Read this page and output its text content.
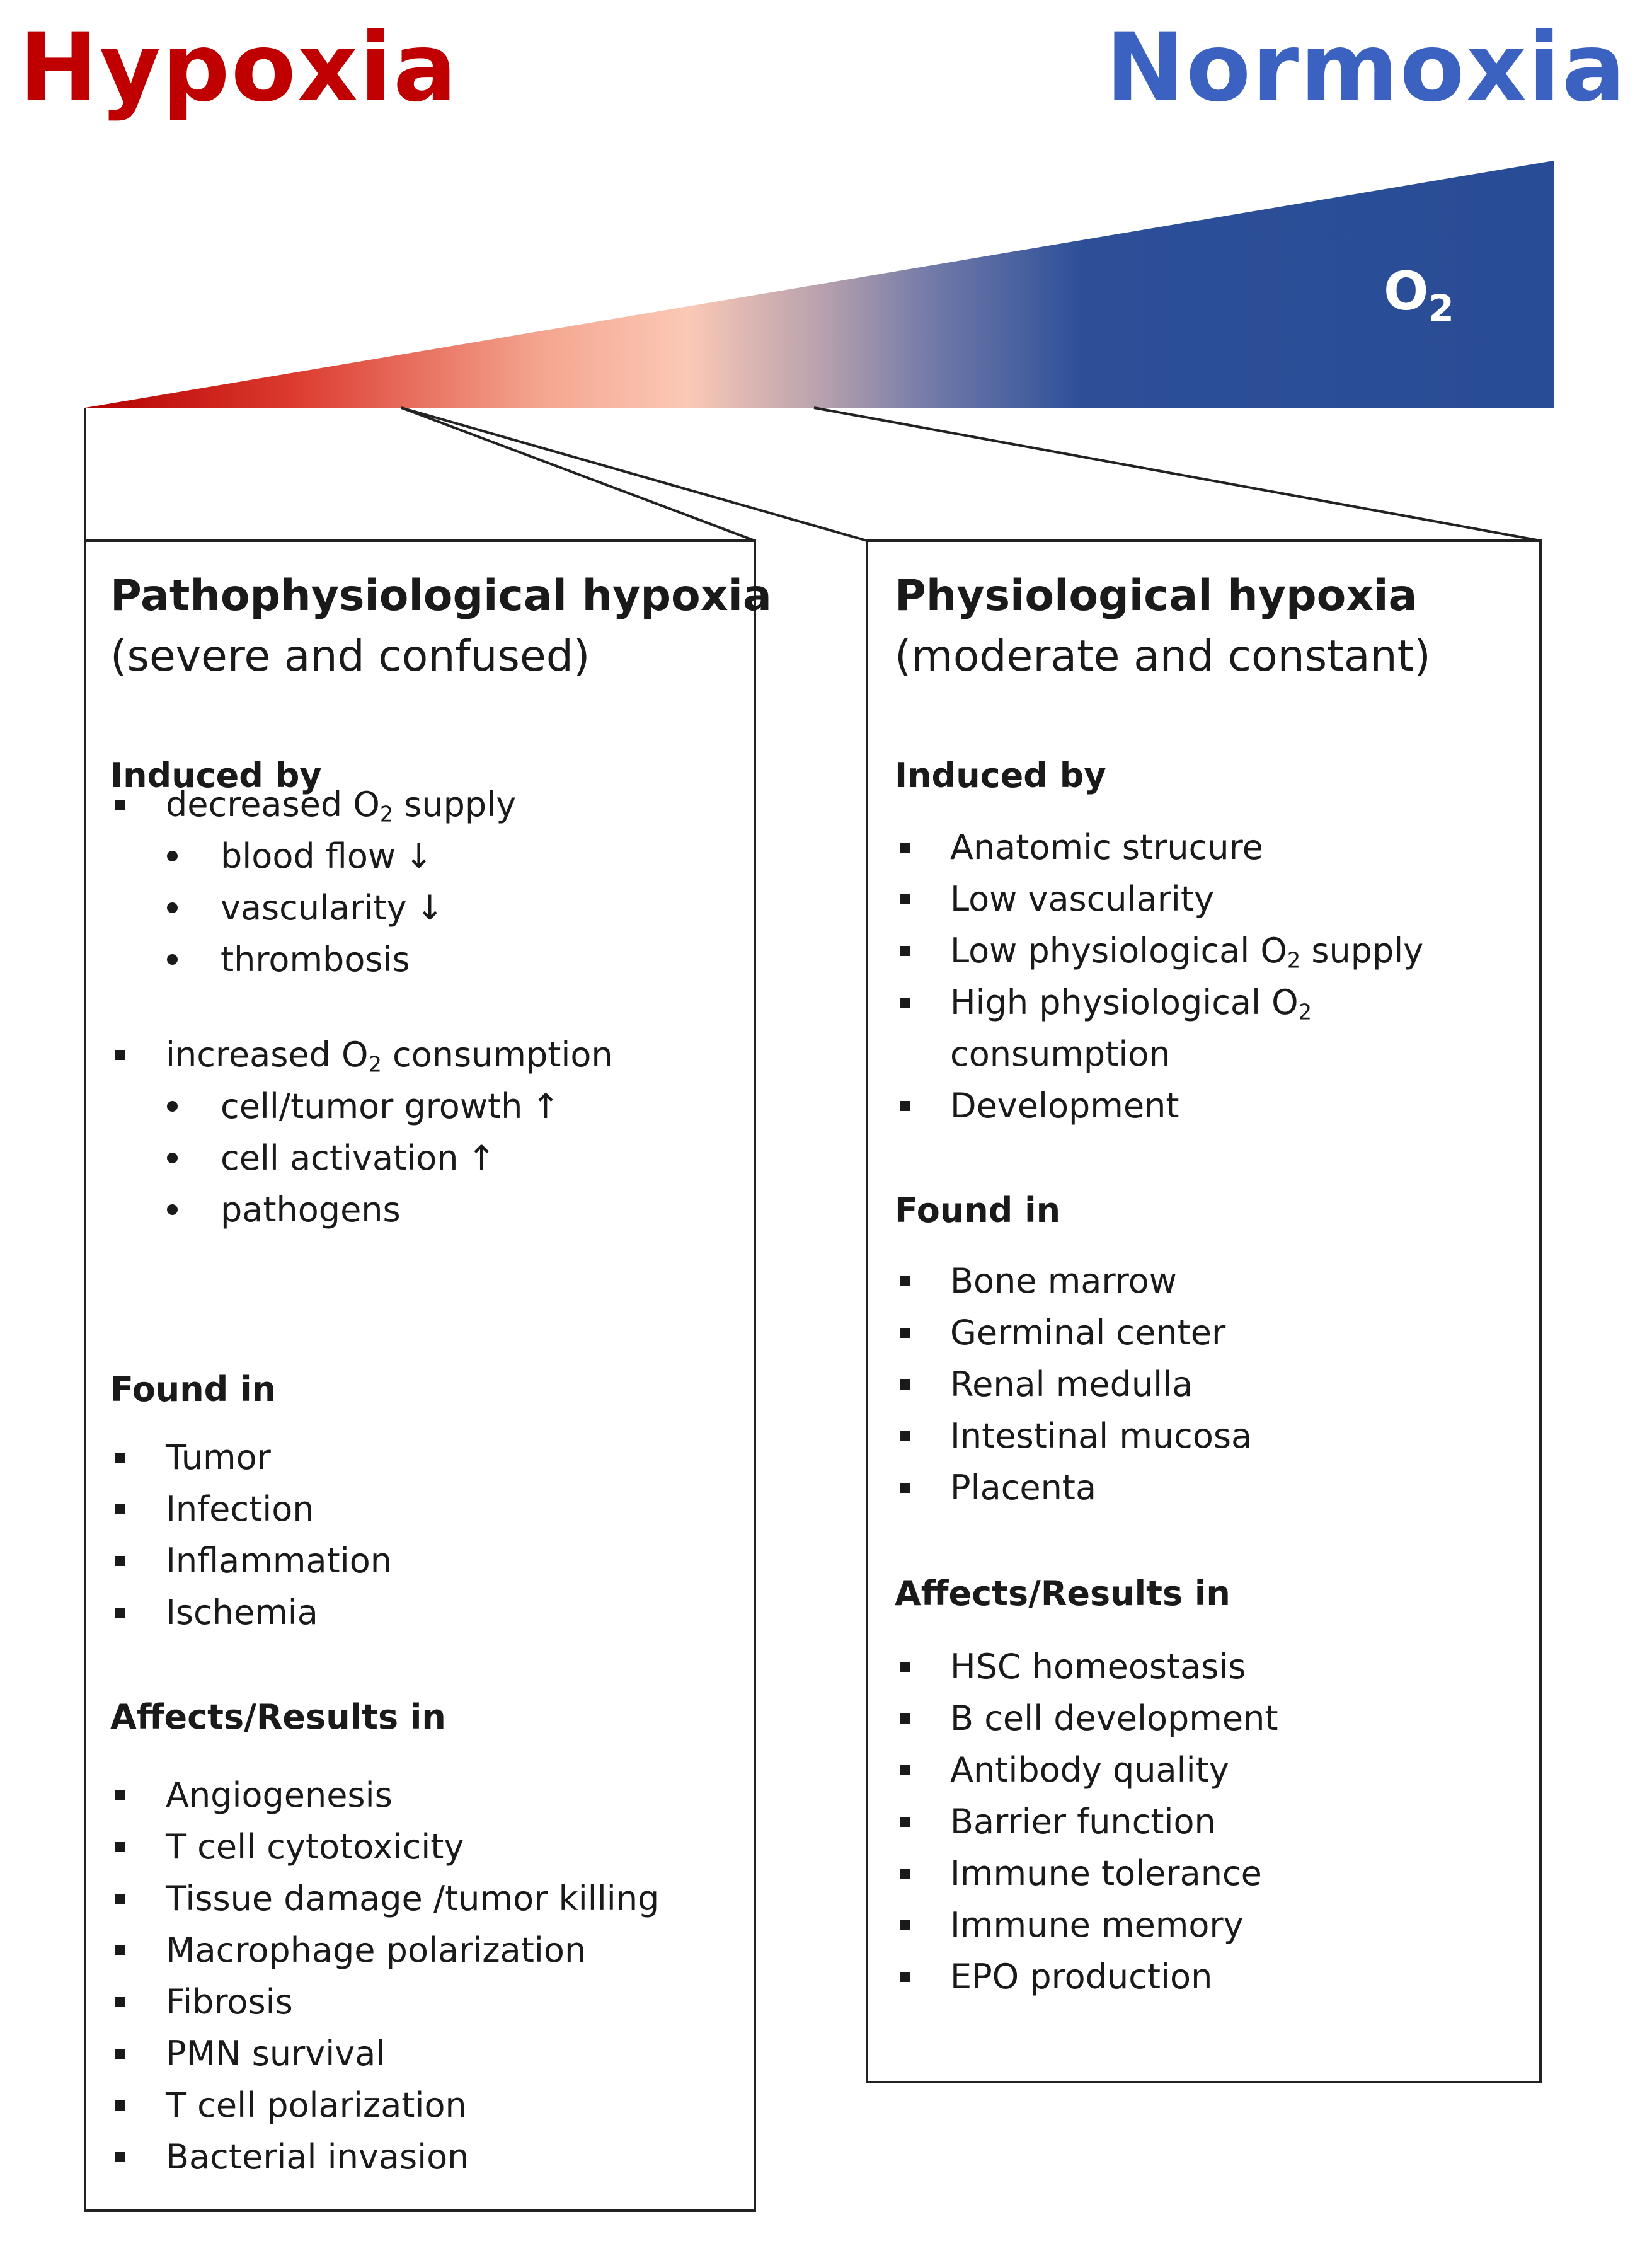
Hypoxia	Normoxia
$O_2$

Pathophysiological hypoxia

(severe and confused)

Induced by

decreased O2 supply
blood flow ↓
vascularity ↓
thrombosis
increased O2 consumption
cell/tumor growth ↑
cell activation ↑
pathogens

Found in

Tumor
Infection
Inflammation
Ischemia

Affects/Results in

Angiogenesis
T cell cytotoxicity
Tissue damage /tumor killing
Macrophage polarization
Fibrosis
PMN survival
T cell polarization
Bacterial invasion

Physiological hypoxia

(moderate and constant)

Induced by

Anatomic strucure
Low vascularity
Low physiological O2 supply
High physiological O2
consumption
Development

Found in

Bone marrow
Germinal center
Renal medulla
Intestinal mucosa
Placenta

Affects/Results in

HSC homeostasis
B cell development
Antibody quality
Barrier function
Immune tolerance
Immune memory
EPO production
